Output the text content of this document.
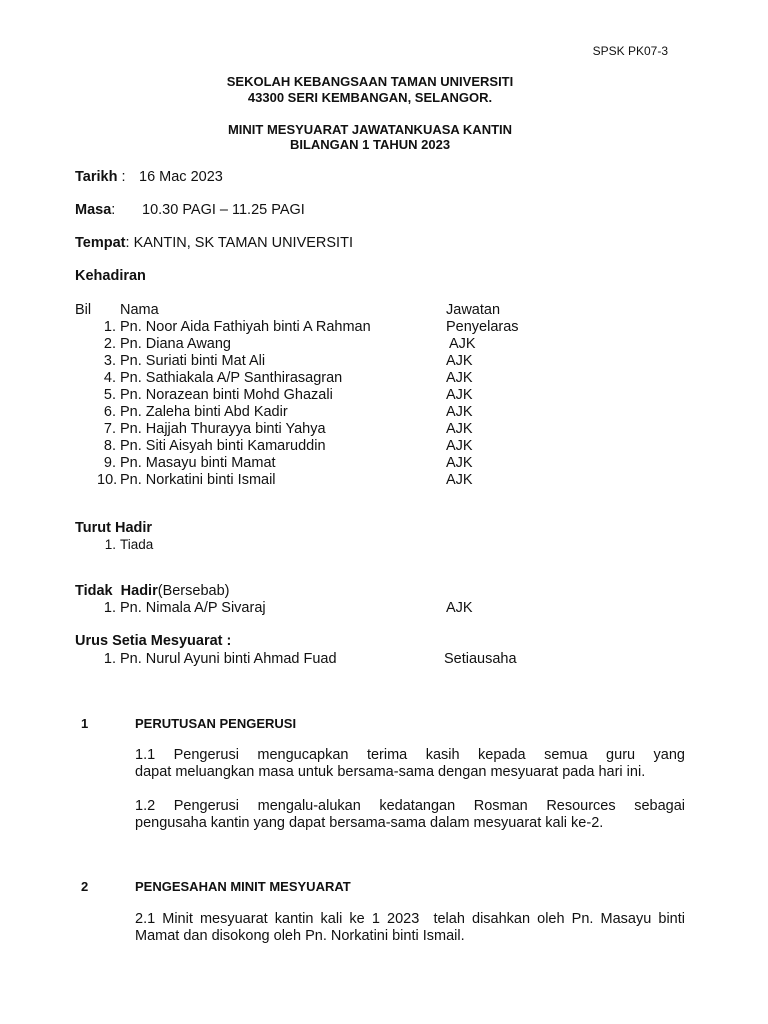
SPSK PK07-3
SEKOLAH KEBANGSAAN TAMAN UNIVERSITI
43300 SERI KEMBANGAN, SELANGOR.
MINIT MESYUARAT JAWATANKUASA KANTIN
BILANGAN 1 TAHUN 2023
Tarikh : 16 Mac 2023
Masa: 10.30 PAGI – 11.25 PAGI
Tempat: KANTIN, SK TAMAN UNIVERSITI
Kehadiran
Bil Nama	Jawatan
1. Pn. Noor Aida Fathiyah binti A Rahman	Penyelaras
2. Pn. Diana Awang	AJK
3. Pn. Suriati binti Mat Ali	AJK
4. Pn. Sathiakala A/P Santhirasagran	AJK
5. Pn. Norazean binti Mohd Ghazali	AJK
6. Pn. Zaleha binti Abd Kadir	AJK
7. Pn. Hajjah Thurayya binti Yahya	AJK
8. Pn. Siti Aisyah binti Kamaruddin	AJK
9. Pn. Masayu binti Mamat	AJK
10. Pn. Norkatini binti Ismail	AJK
Turut Hadir
1. Tiada
Tidak  Hadir(Bersebab)
1. Pn. Nimala A/P Sivaraj	AJK
Urus Setia Mesyuarat :
1. Pn. Nurul Ayuni binti Ahmad Fuad	Setiausaha
1	PERUTUSAN PENGERUSI
1.1 Pengerusi mengucapkan terima kasih kepada semua guru yang
dapat meluangkan masa untuk bersama-sama dengan mesyuarat pada hari ini.
1.2 Pengerusi mengalu-alukan kedatangan Rosman Resources sebagai
pengusaha kantin yang dapat bersama-sama dalam mesyuarat kali ke-2.
2	PENGESAHAN MINIT MESYUARAT
2.1 Minit mesyuarat kantin kali ke 1 2023  telah disahkan oleh Pn. Masayu binti
Mamat dan disokong oleh Pn. Norkatini binti Ismail.
